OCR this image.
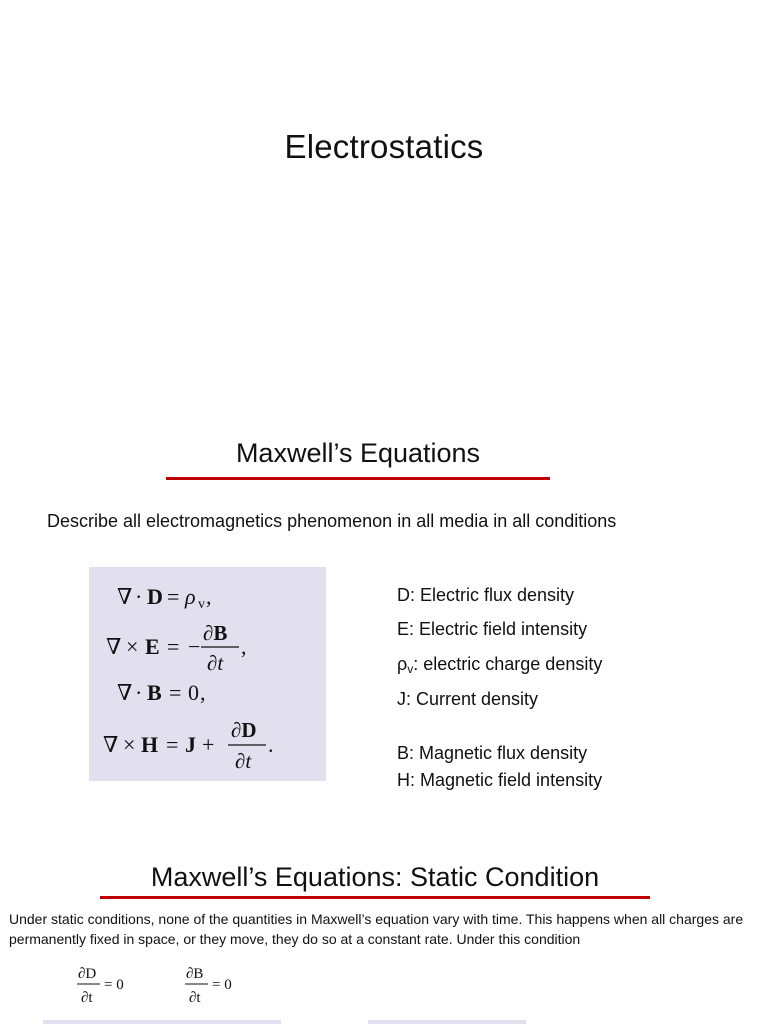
Electrostatics
Maxwell’s Equations
Describe all electromagnetics phenomenon in all media in all conditions
∇ · D = ρ v ,
∇ × E = −
∂B
∂t
,
∇ · B = 0 ,
∇ × H = J +
∂D
∂t
.
D: Electric flux density
E: Electric field intensity
$\rho_v$: electric charge density
J: Current density
B: Magnetic flux density
H: Magnetic field intensity
Maxwell’s Equations: Static Condition
Under static conditions, none of the quantities in Maxwell’s equation vary with time. This happens when all charges are permanently fixed in space, or they move, they do so at a constant rate. Under this condition
∂D
∂t
= 0
∂B
∂t
= 0
